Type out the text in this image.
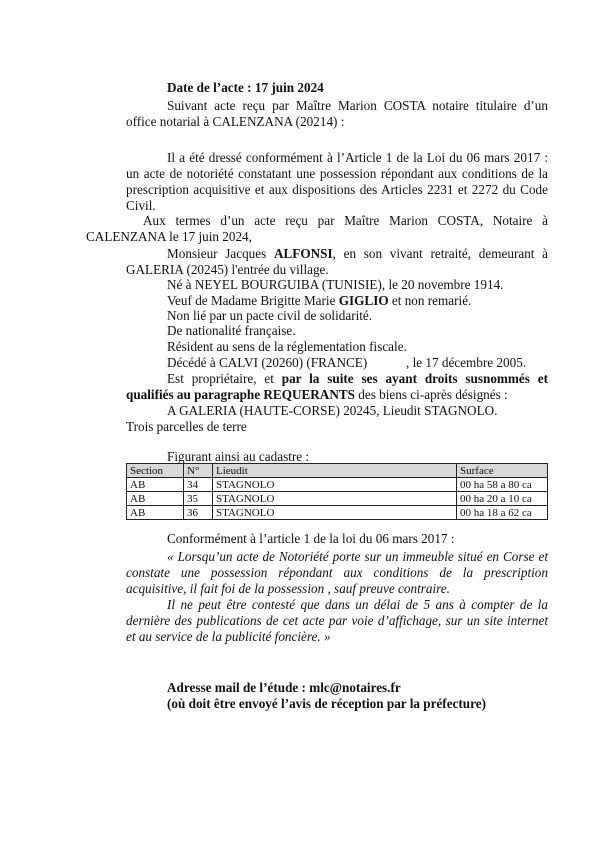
Date de l’acte : 17 juin 2024
Suivant acte reçu par Maître Marion COSTA notaire titulaire d’un
office notarial à CALENZANA (20214) :
Il a été dressé conformément à l’Article 1 de la Loi du 06 mars 2017 :
un acte de notoriété constatant une possession répondant aux conditions de la
prescription acquisitive et aux dispositions des Articles 2231 et 2272 du Code
Civil.
Aux termes d’un acte reçu par Maître Marion COSTA, Notaire à
CALENZANA le 17 juin 2024,
Monsieur Jacques ALFONSI, en son vivant retraité, demeurant à
GALERIA (20245) l'entrée du village.
Né à NEYEL BOURGUIBA (TUNISIE), le 20 novembre 1914.
Veuf de Madame Brigitte Marie GIGLIO et non remarié.
Non lié par un pacte civil de solidarité.
De nationalité française.
Résident au sens de la réglementation fiscale.
Décédé à CALVI (20260) (FRANCE)	, le 17 décembre 2005.
Est propriétaire, et par la suite ses ayant droits susnommés et
qualifiés au paragraphe REQUERANTS des biens ci-après désignés :
A GALERIA (HAUTE-CORSE) 20245, Lieudit STAGNOLO.
Trois parcelles de terre
Figurant ainsi au cadastre :
Section	N°	Lieudit	Surface
AB	34	STAGNOLO	00 ha 58 a 80 ca
AB	35	STAGNOLO	00 ha 20 a 10 ca
AB	36	STAGNOLO	00 ha 18 a 62 ca
Conformément à l’article 1 de la loi du 06 mars 2017 :
« Lorsqu’un acte de Notoriété porte sur un immeuble situé en Corse et
constate une possession répondant aux conditions de la prescription
acquisitive, il fait foi de la possession , sauf preuve contraire.
Il ne peut être contesté que dans un délai de 5 ans à compter de la
dernière des publications de cet acte par voie d’affichage, sur un site internet
et au service de la publicité foncière. »
Adresse mail de l’étude : mlc@notaires.fr
(où doit être envoyé l’avis de réception par la préfecture)
